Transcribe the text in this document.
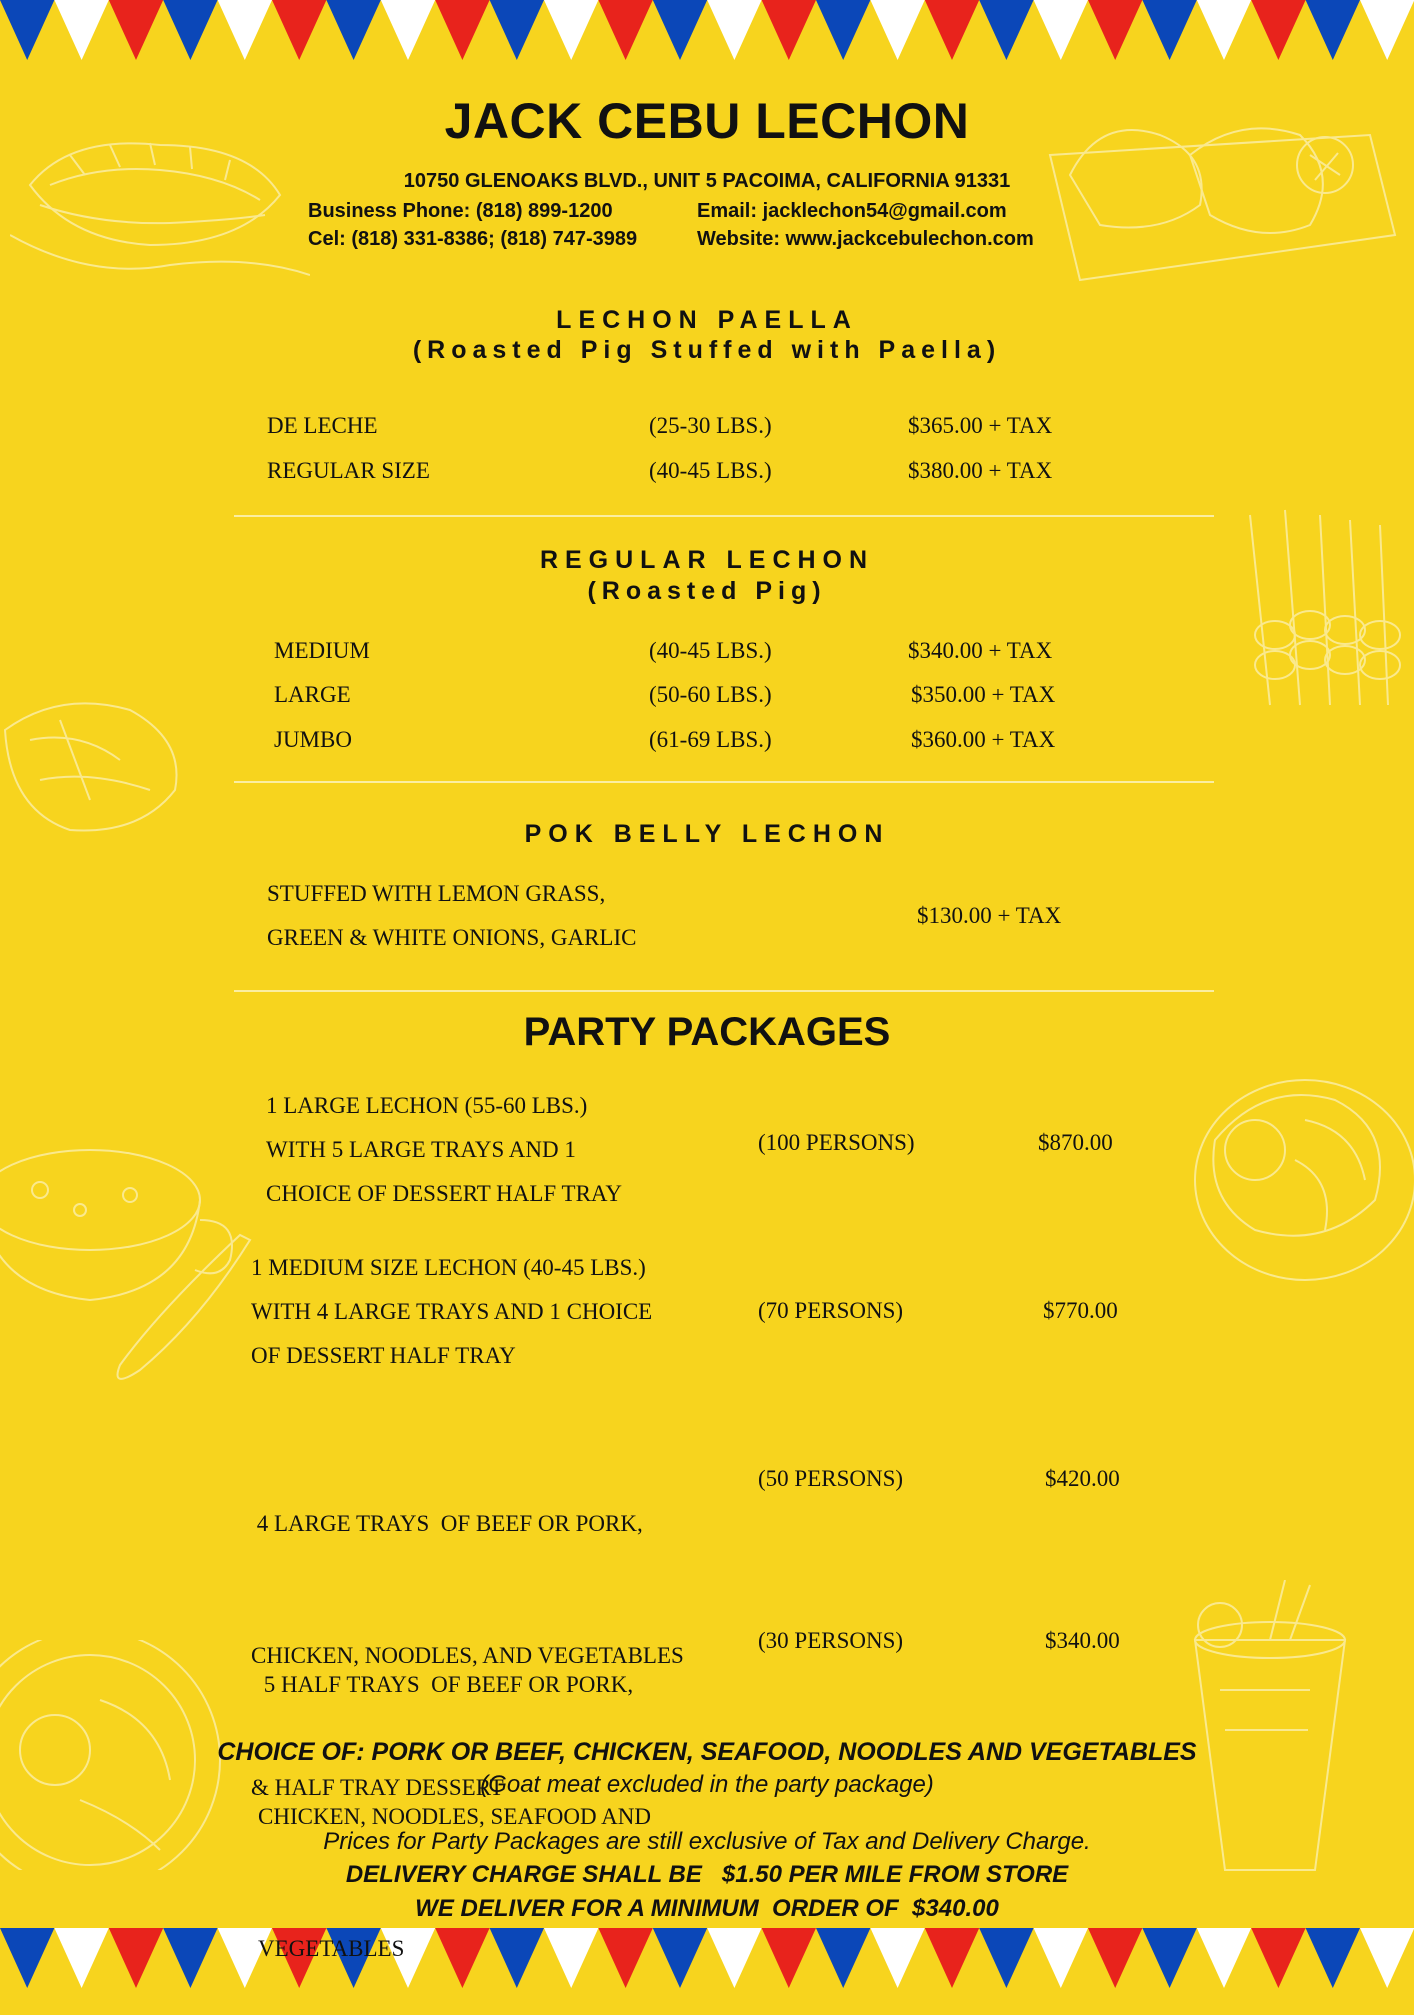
JACK CEBU LECHON
10750 GLENOAKS BLVD., UNIT 5 PACOIMA, CALIFORNIA 91331
Business Phone: (818) 899-1200	Email: jacklechon54@gmail.com
Cel: (818) 331-8386; (818) 747-3989	Website: www.jackcebulechon.com
LECHON PAELLA
(Roasted Pig Stuffed with Paella)
DE LECHE	(25-30 LBS.)	$365.00 + TAX
REGULAR SIZE	(40-45 LBS.)	$380.00 + TAX
REGULAR LECHON
(Roasted Pig)
MEDIUM	(40-45 LBS.)	$340.00 + TAX
LARGE	(50-60 LBS.)	$350.00 + TAX
JUMBO	(61-69 LBS.)	$360.00 + TAX
POK BELLY LECHON
STUFFED WITH LEMON GRASS,
GREEN & WHITE ONIONS, GARLIC
$130.00 + TAX
PARTY PACKAGES
1 LARGE LECHON (55-60 LBS.)
WITH 5 LARGE TRAYS AND 1
CHOICE OF DESSERT HALF TRAY
(100 PERSONS)	$870.00
1 MEDIUM SIZE LECHON (40-45 LBS.)
WITH 4 LARGE TRAYS AND 1 CHOICE
OF DESSERT HALF TRAY
(70 PERSONS)	$770.00

4 LARGE TRAYS  OF BEEF OR PORK,

CHICKEN, NOODLES, AND VEGETABLES

& HALF TRAY DESSERT

(50 PERSONS)	$420.00

5 HALF TRAYS  OF BEEF OR PORK,

CHICKEN, NOODLES, SEAFOOD AND

VEGETABLES

(30 PERSONS)	$340.00
CHOICE OF: PORK OR BEEF, CHICKEN, SEAFOOD, NOODLES AND VEGETABLES
(Goat meat excluded in the party package)
Prices for Party Packages are still exclusive of Tax and Delivery Charge.
DELIVERY CHARGE SHALL BE   $1.50 PER MILE FROM STORE
WE DELIVER FOR A MINIMUM  ORDER OF  $340.00
